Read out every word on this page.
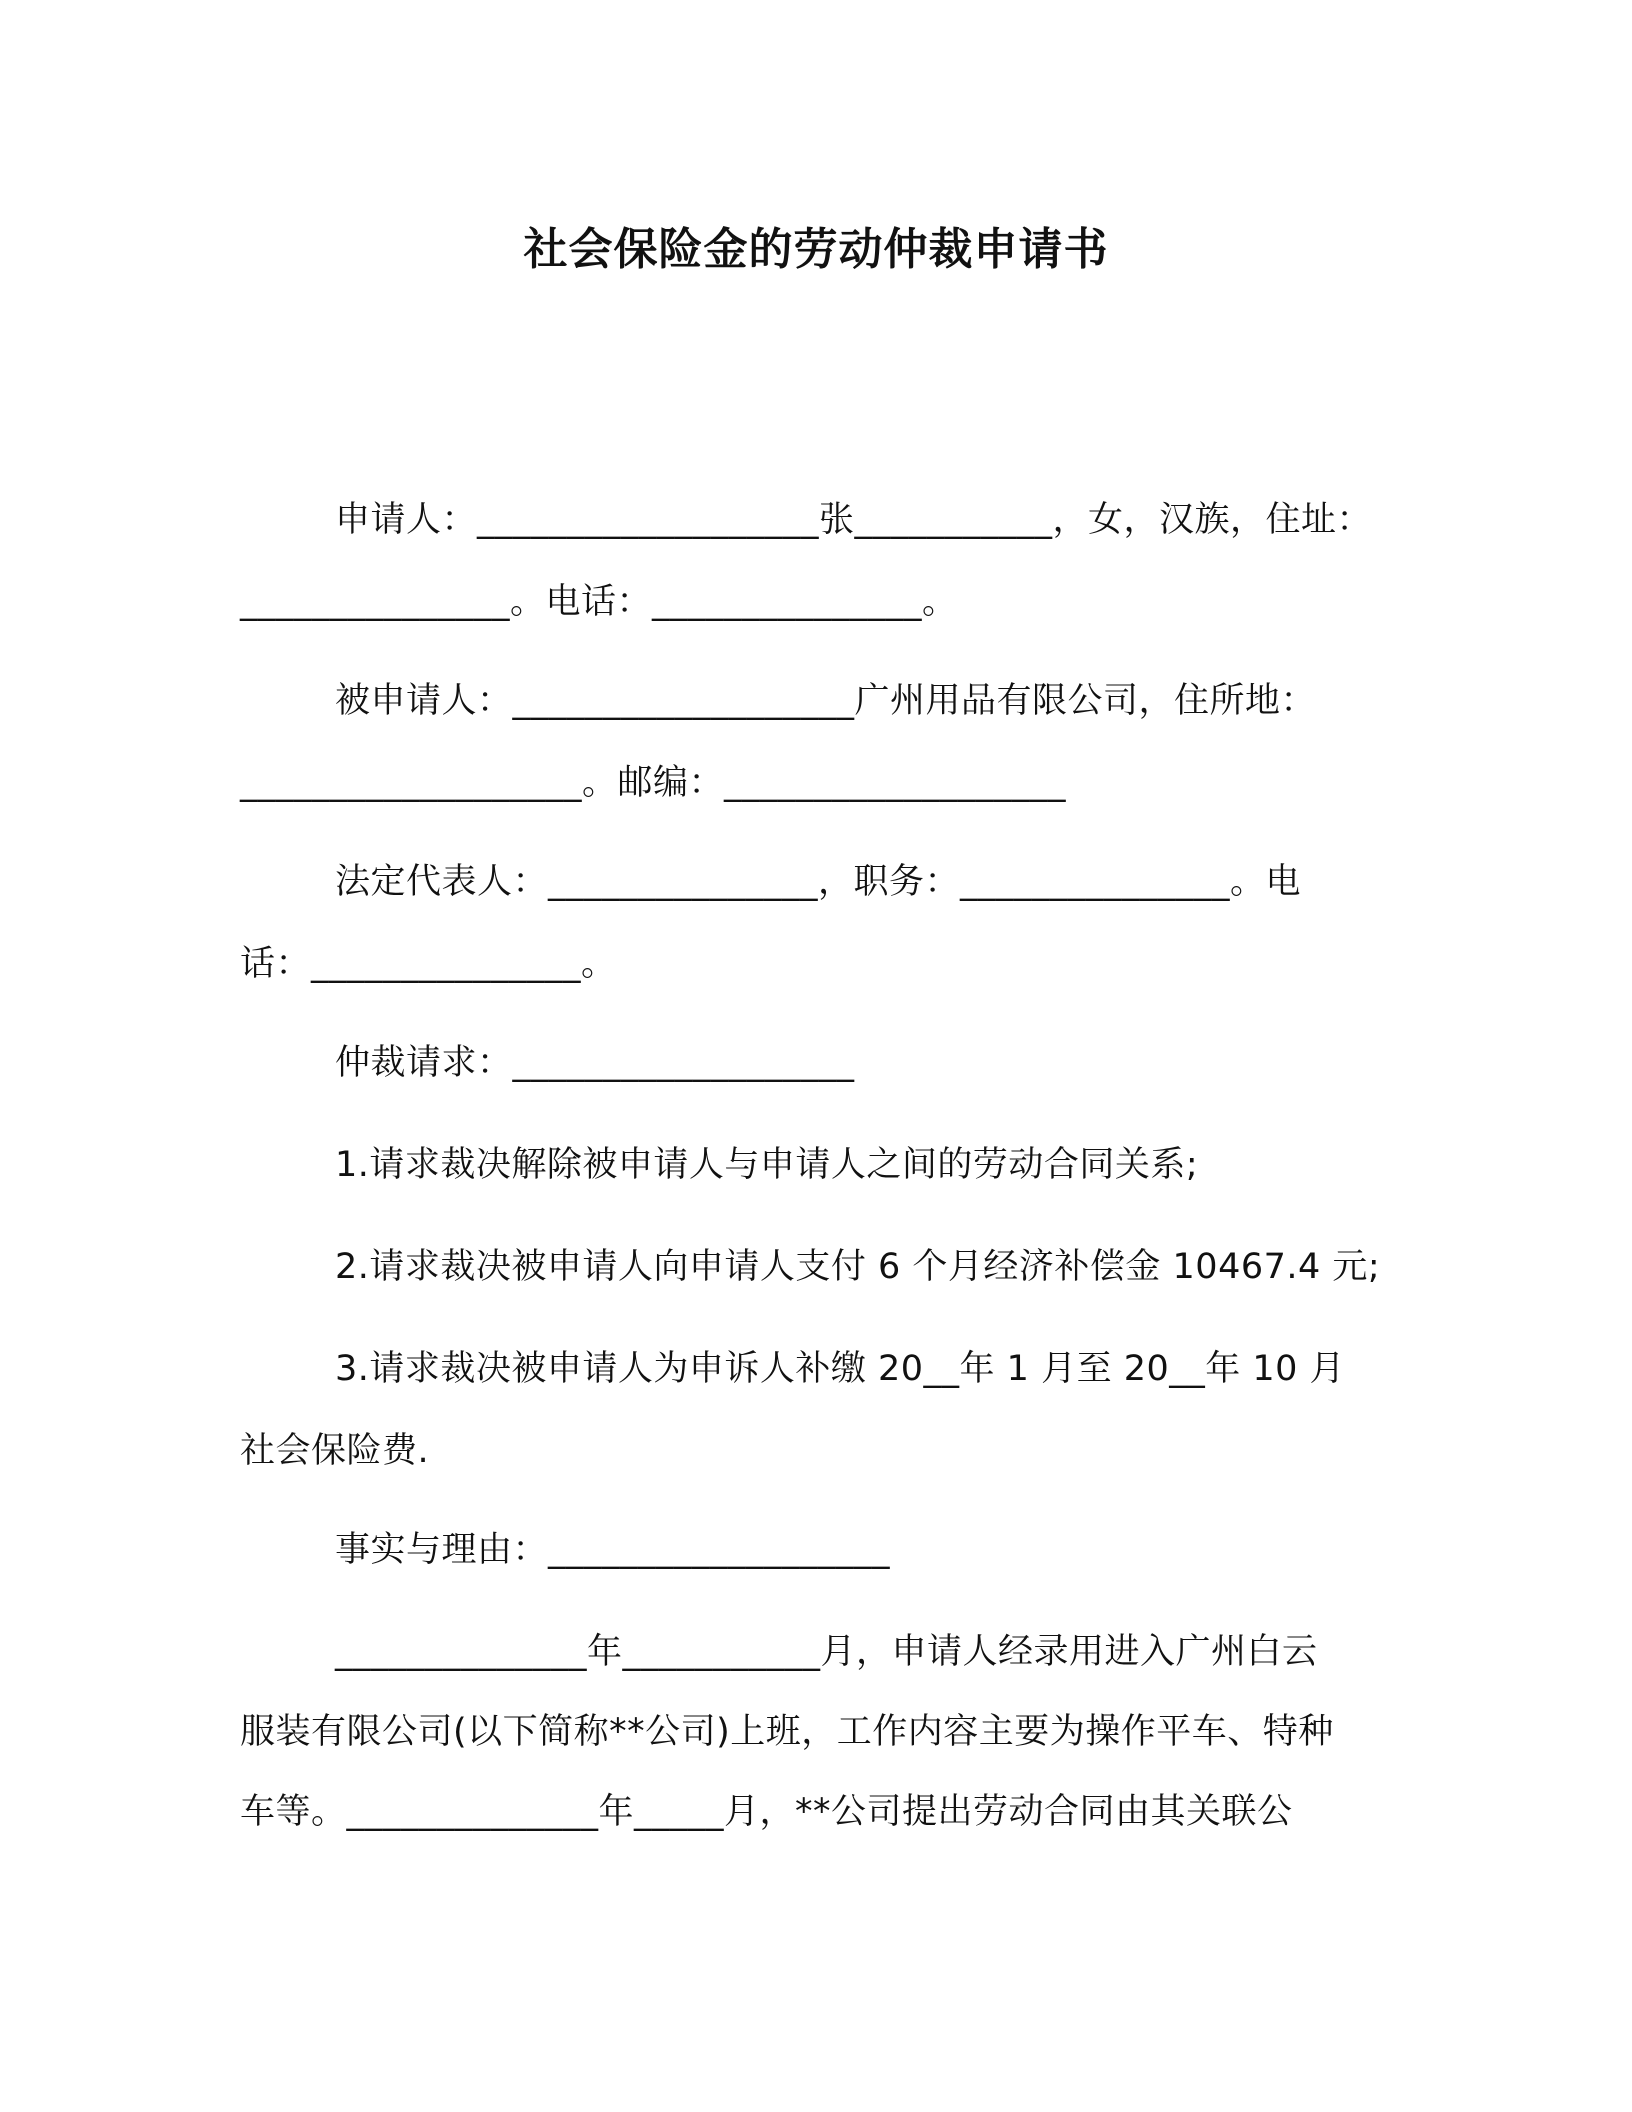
社会保险金的劳动仲裁申请书
申请人：___________________张___________，女，汉族，住址：
_______________。电话：_______________。
被申请人：___________________广州用品有限公司，住所地：
___________________。邮编：___________________
法定代表人：_______________，职务：_______________。电
话：_______________。
仲裁请求：___________________
1.请求裁决解除被申请人与申请人之间的劳动合同关系;
2.请求裁决被申请人向申请人支付 6 个月经济补偿金 10467.4 元;
3.请求裁决被申请人为申诉人补缴 20__年 1 月至 20__年 10 月
社会保险费.
事实与理由：___________________
______________年___________月，申请人经录用进入广州白云
服装有限公司(以下简称**公司)上班，工作内容主要为操作平车、特种
车等。______________年_____月，**公司提出劳动合同由其关联公
